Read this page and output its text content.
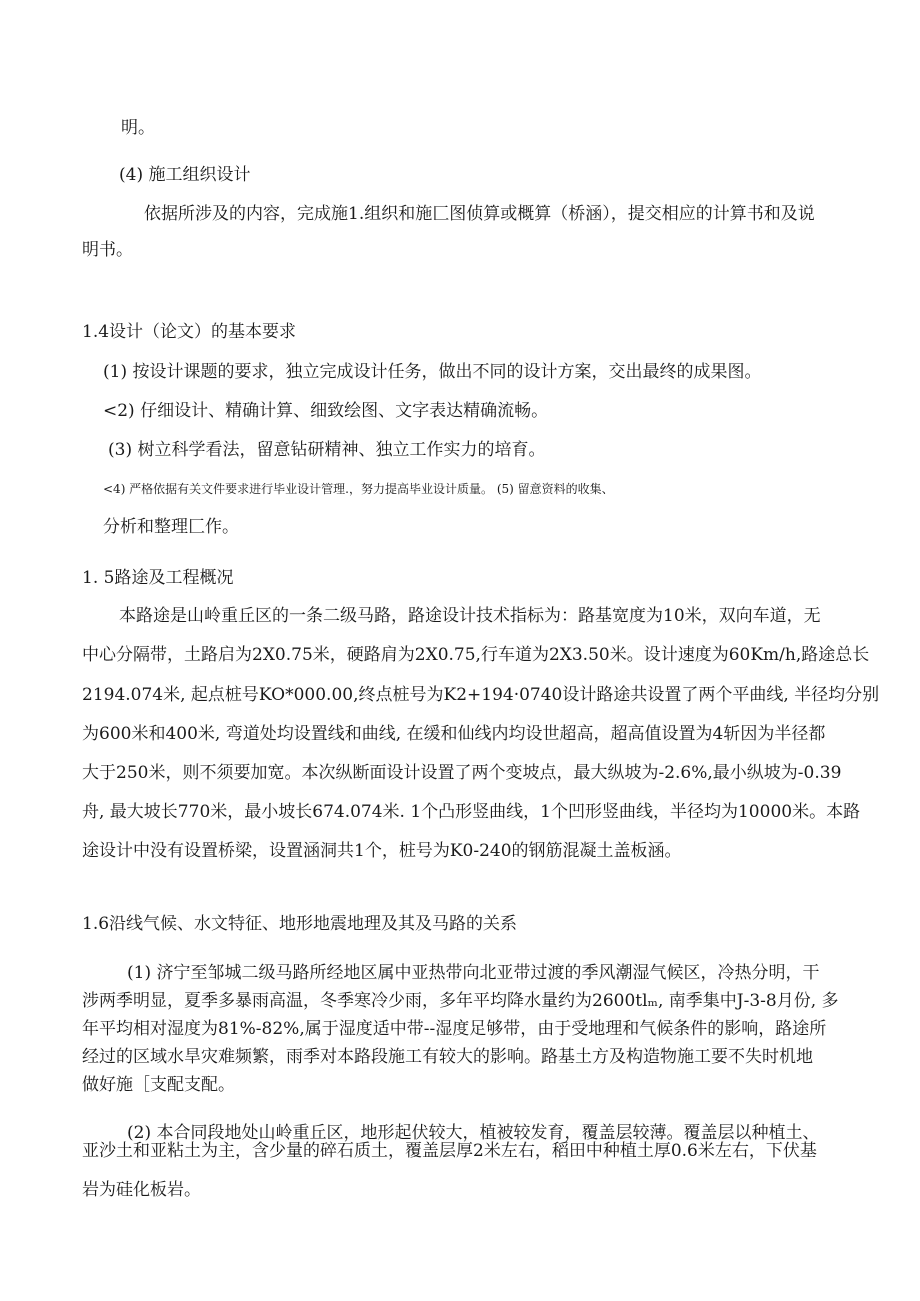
明。
(4) 施工组织设计
依据所涉及的内容，完成施1.组织和施匚图侦算或概算（桥涵），提交相应的计算书和及说
明书。
1.4设计（论文）的基本要求
(1) 按设计课题的要求，独立完成设计任务，做出不同的设计方案，交出最终的成果图。
<2) 仔细设计、精确计算、细致绘图、文字表达精确流畅。
(3) 树立科学看法，留意钻研精神、独立工作实力的培育。
<4) 严格依据有关文件要求进行毕业设计管理.，努力提高毕业设计质量。 (5) 留意资料的收集、
分析和整理匚作。
1. 5路途及工程概况
本路途是山岭重丘区的一条二级马路，路途设计技术指标为：路基宽度为10米，双向车道，无
中心分隔带，土路启为2X0.75米，硬路肩为2X0.75,行车道为2X3.50米。设计速度为60Km/h,路途总长
2194.074米, 起点桩号KO*000.00,终点桩号为K2+194·0740设计路途共设置了两个平曲线, 半径均分别
为600米和400米, 弯道处均设置线和曲线, 在缓和仙线内均设世超高，超高值设置为4斩因为半径都
大于250米，则不须要加宽。本次纵断面设计设置了两个变坡点，最大纵坡为-2.6%,最小纵坡为-0.39
舟, 最大坡长770米，最小坡长674.074米. 1个凸形竖曲线，1个凹形竖曲线，半径均为10000米。本路
途设计中没有设置桥梁，设置涵洞共1个，桩号为K0-240的钢筋混凝土盖板涵。
1.6沿线气候、水文特征、地形地震地理及其及马路的关系
(1) 济宁至邹城二级马路所经地区属中亚热带向北亚带过渡的季风潮湿气候区，冷热分明，干
涉两季明显，夏季多暴雨高温，冬季寒冷少雨，多年平均降水量约为2600tlₘ, 南季集中J-3-8月份, 多
年平均相对湿度为81%-82%,属于湿度适中带--湿度足够带，由于受地理和气候条件的影响，路途所
经过的区域水旱灾难频繁，雨季对本路段施工有较大的影响。路基土方及构造物施工要不失时机地
做好施［支配支配。
(2) 本合同段地处山岭重丘区，地形起伏较大，植被较发育，覆盖层较薄。覆盖层以种植土、
亚沙土和亚粘土为主，含少量的碎石质土，覆盖层厚2米左右，稻田中种植土厚0.6米左右，下伏基
岩为硅化板岩。
